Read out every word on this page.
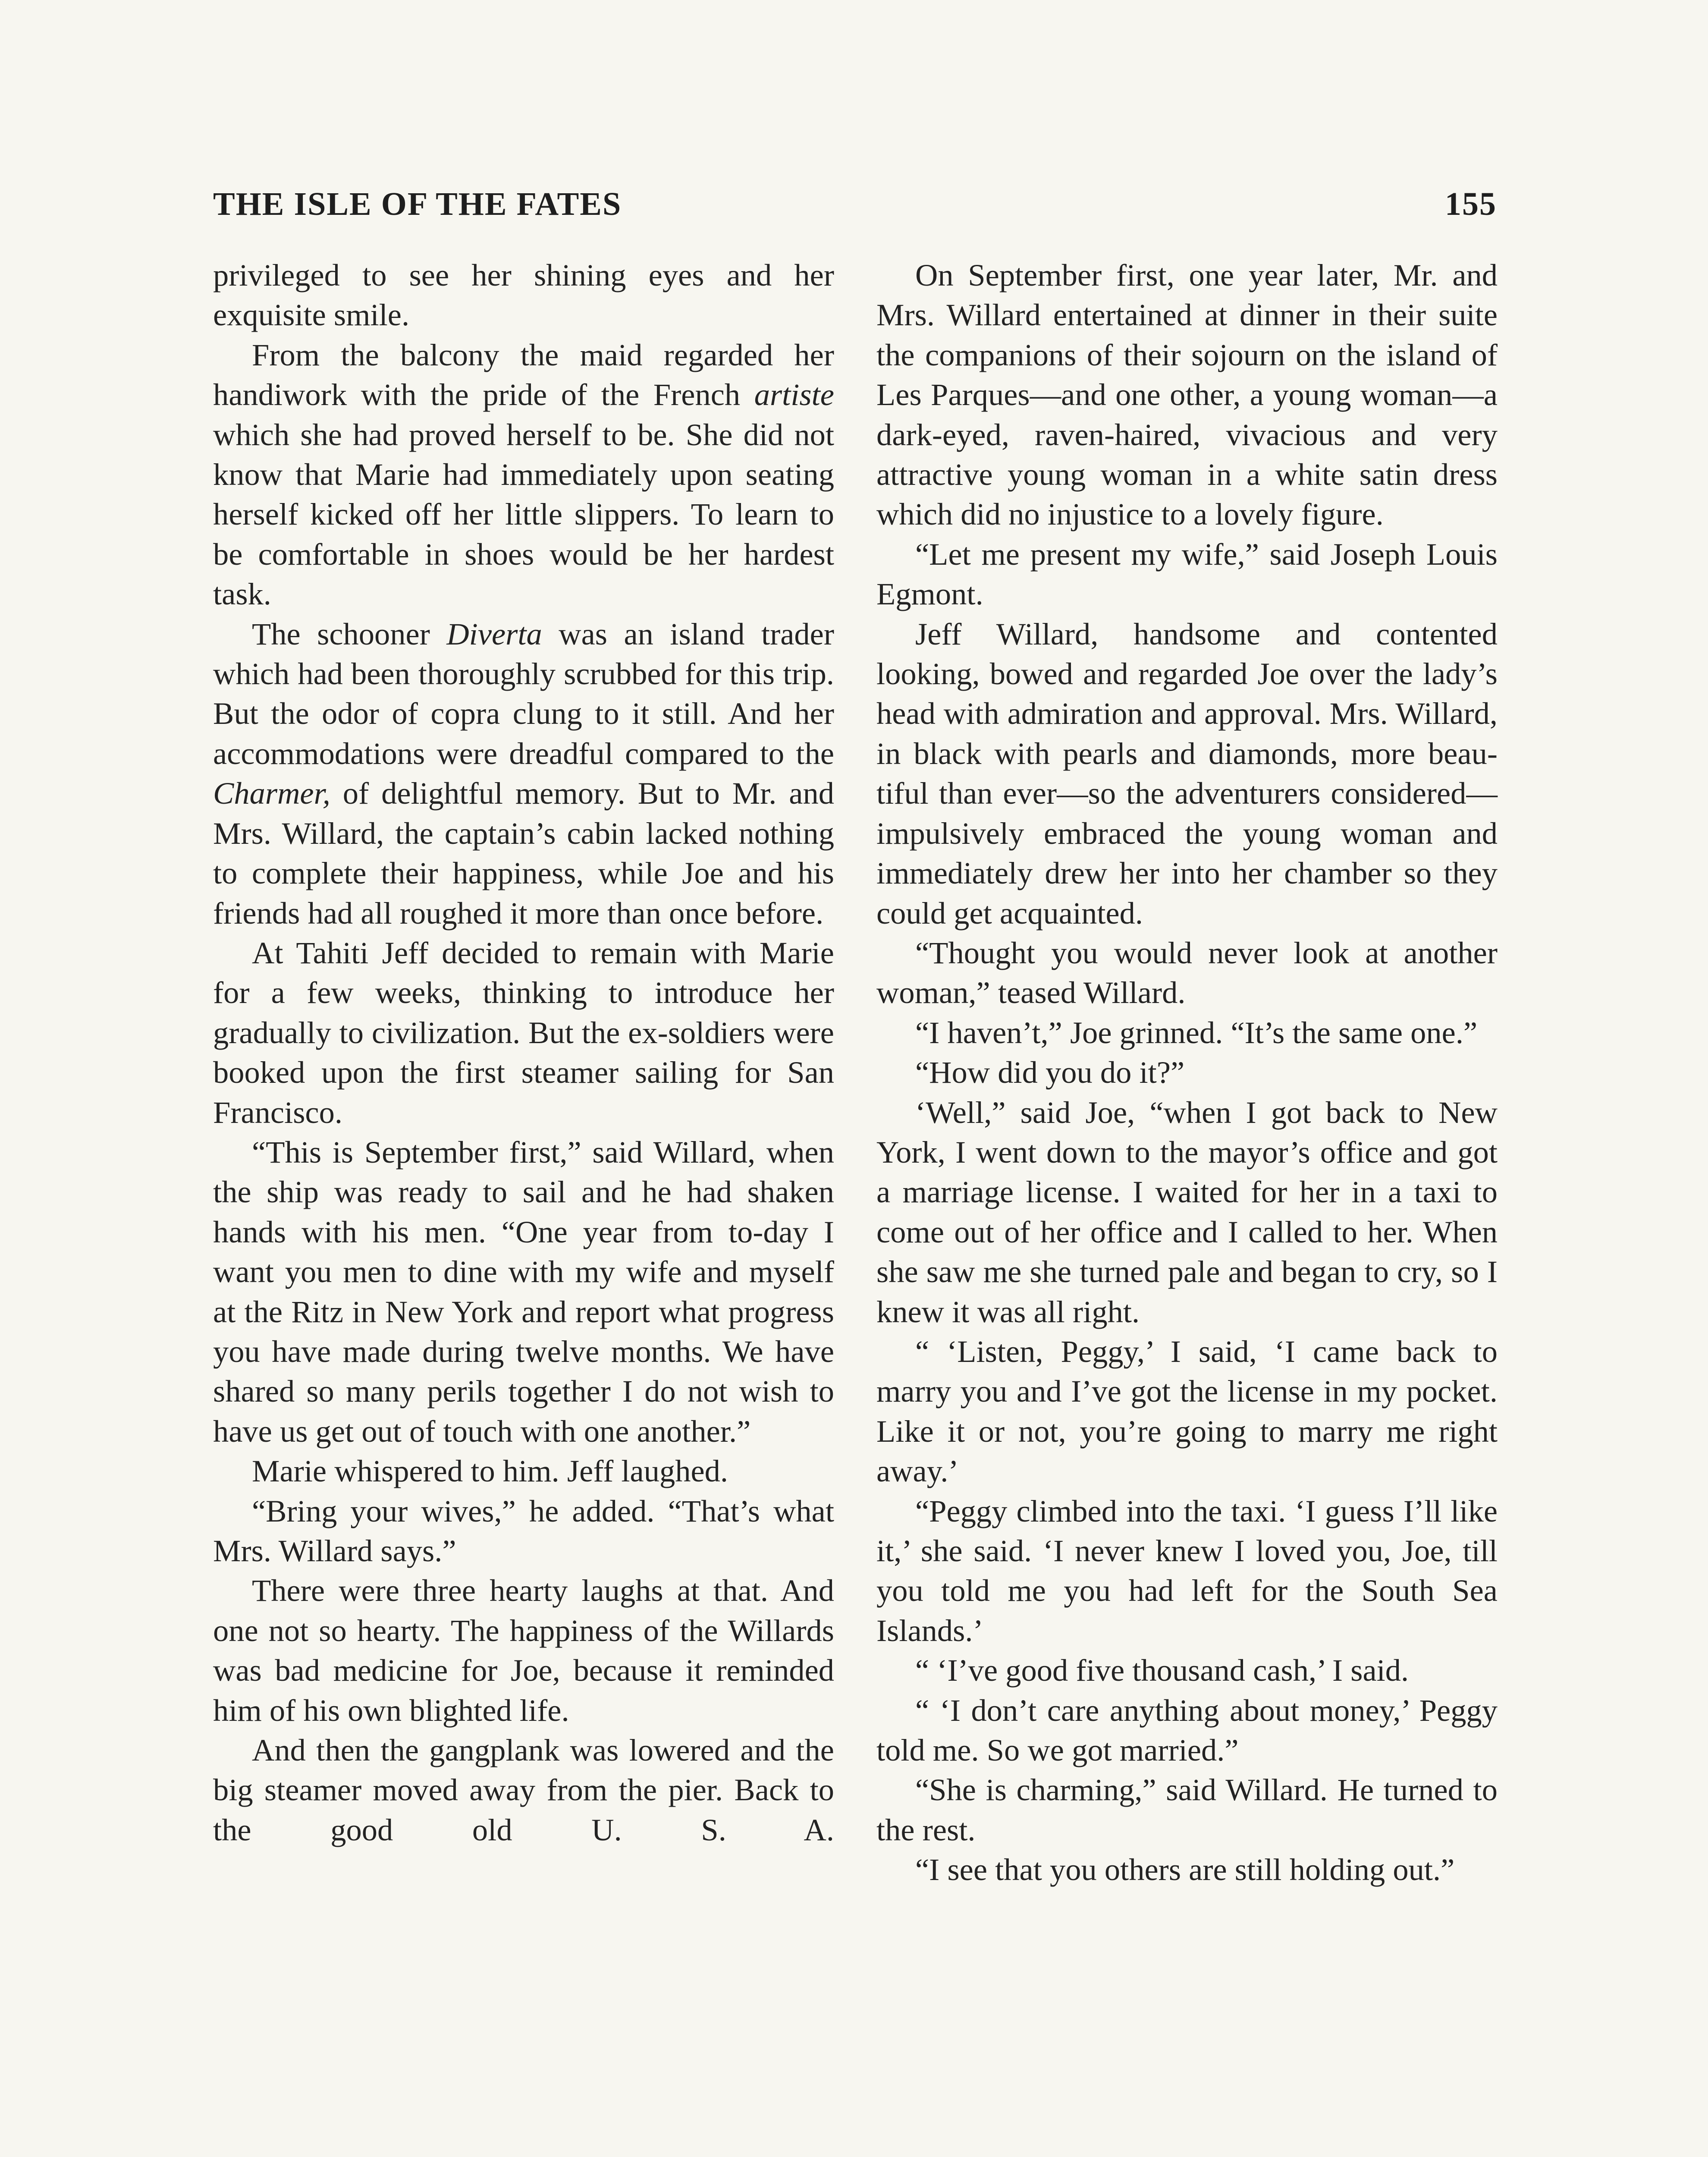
THE ISLE OF THE FATES	155

privileged to see her shining eyes and her exquisite smile.

From the balcony the maid regarded her handiwork with the pride of the French artiste which she had proved herself to be. She did not know that Marie had immediately upon seating herself kicked off her little slippers. To learn to be comfortable in shoes would be her hardest task.

The schooner Diverta was an island trader which had been thoroughly scrubbed for this trip. But the odor of copra clung to it still. And her accommodations were dreadful compared to the Charmer, of delightful memory. But to Mr. and Mrs. Willard, the captain’s cabin lacked nothing to complete their happiness, while Joe and his friends had all roughed it more than once before.

At Tahiti Jeff decided to remain with Marie for a few weeks, thinking to introduce her gradually to civilization. But the ex-soldiers were booked upon the first steamer sailing for San Francisco.

“This is September first,” said Willard, when the ship was ready to sail and he had shaken hands with his men. “One year from to-day I want you men to dine with my wife and myself at the Ritz in New York and report what progress you have made during twelve months. We have shared so many perils together I do not wish to have us get out of touch with one another.”

Marie whispered to him. Jeff laughed.

“Bring your wives,” he added. “That’s what Mrs. Willard says.”

There were three hearty laughs at that. And one not so hearty. The happiness of the Willards was bad medicine for Joe, because it reminded him of his own blighted life.

And then the gangplank was lowered and the big steamer moved away from the pier. Back to the good old U. S. A.

On September first, one year later, Mr. and Mrs. Willard entertained at dinner in their suite the companions of their sojourn on the island of Les Parques—and one other, a young woman—a dark-eyed, raven-haired, vivacious and very attractive young woman in a white satin dress which did no injustice to a lovely figure.

“Let me present my wife,” said Joseph Louis Egmont.

Jeff Willard, handsome and contented looking, bowed and regarded Joe over the lady’s head with admiration and approval. Mrs. Willard, in black with pearls and diamonds, more beautiful than ever—so the adventurers considered—impulsively embraced the young woman and immediately drew her into her chamber so they could get acquainted.

“Thought you would never look at another woman,” teased Willard.

“I haven’t,” Joe grinned. “It’s the same one.”

“How did you do it?”

‘Well,” said Joe, “when I got back to New York, I went down to the mayor’s office and got a marriage license. I waited for her in a taxi to come out of her office and I called to her. When she saw me she turned pale and began to cry, so I knew it was all right.

“ ‘Listen, Peggy,’ I said, ‘I came back to marry you and I’ve got the license in my pocket. Like it or not, you’re going to marry me right away.’

“Peggy climbed into the taxi. ‘I guess I’ll like it,’ she said. ‘I never knew I loved you, Joe, till you told me you had left for the South Sea Islands.’

“ ‘I’ve good five thousand cash,’ I said.

“ ‘I don’t care anything about money,’ Peggy told me. So we got married.”

“She is charming,” said Willard. He turned to the rest.

“I see that you others are still holding out.”
